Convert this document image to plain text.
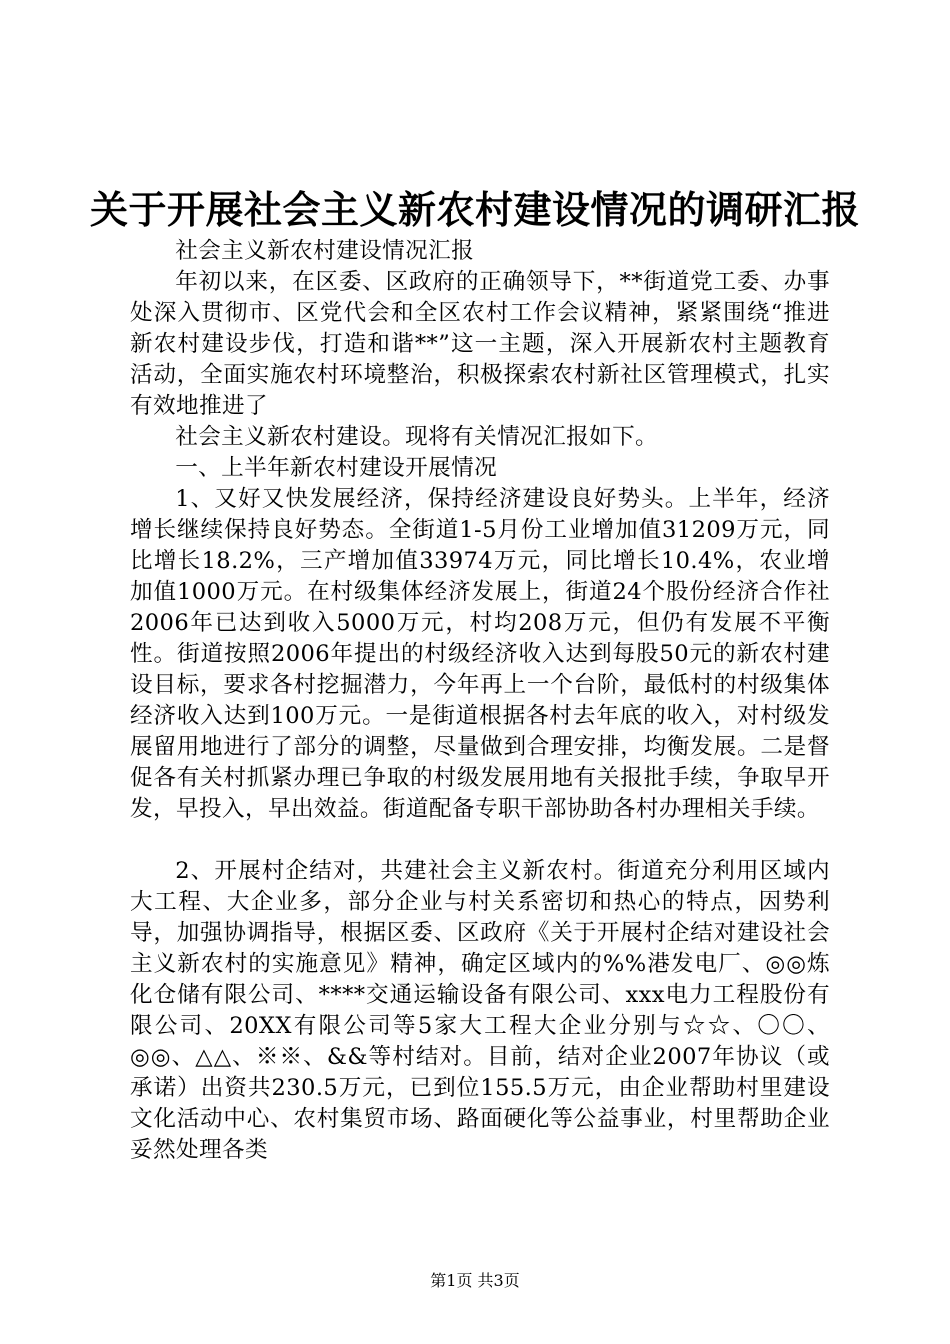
关于开展社会主义新农村建设情况的调研汇报

社会主义新农村建设情况汇报

年初以来，在区委、区政府的正确领导下，**街道党工委、办事处深入贯彻市、区党代会和全区农村工作会议精神，紧紧围绕“推进新农村建设步伐，打造和谐**”这一主题，深入开展新农村主题教育活动，全面实施农村环境整治，积极探索农村新社区管理模式，扎实有效地推进了

社会主义新农村建设。现将有关情况汇报如下。

一、上半年新农村建设开展情况

1、又好又快发展经济，保持经济建设良好势头。上半年，经济增长继续保持良好势态。全街道1-5月份工业增加值31209万元，同比增长18.2%，三产增加值33974万元，同比增长10.4%，农业增加值1000万元。在村级集体经济发展上，街道24个股份经济合作社2006年已达到收入5000万元，村均208万元，但仍有发展不平衡性。街道按照2006年提出的村级经济收入达到每股50元的新农村建设目标，要求各村挖掘潜力，今年再上一个台阶，最低村的村级集体经济收入达到100万元。一是街道根据各村去年底的收入，对村级发展留用地进行了部分的调整，尽量做到合理安排，均衡发展。二是督促各有关村抓紧办理已争取的村级发展用地有关报批手续，争取早开发，早投入，早出效益。街道配备专职干部协助各村办理相关手续。

2、开展村企结对，共建社会主义新农村。街道充分利用区域内大工程、大企业多，部分企业与村关系密切和热心的特点，因势利导，加强协调指导，根据区委、区政府《关于开展村企结对建设社会主义新农村的实施意见》精神，确定区域内的%%港发电厂、◎◎炼化仓储有限公司、****交通运输设备有限公司、xxx电力工程股份有限公司、20XX有限公司等5家大工程大企业分别与☆☆、〇〇、◎◎、△△、※※、&&等村结对。目前，结对企业2007年协议（或承诺）出资共230.5万元，已到位155.5万元，由企业帮助村里建设文化活动中心、农村集贸市场、路面硬化等公益事业，村里帮助企业妥然处理各类

第1页 共3页
